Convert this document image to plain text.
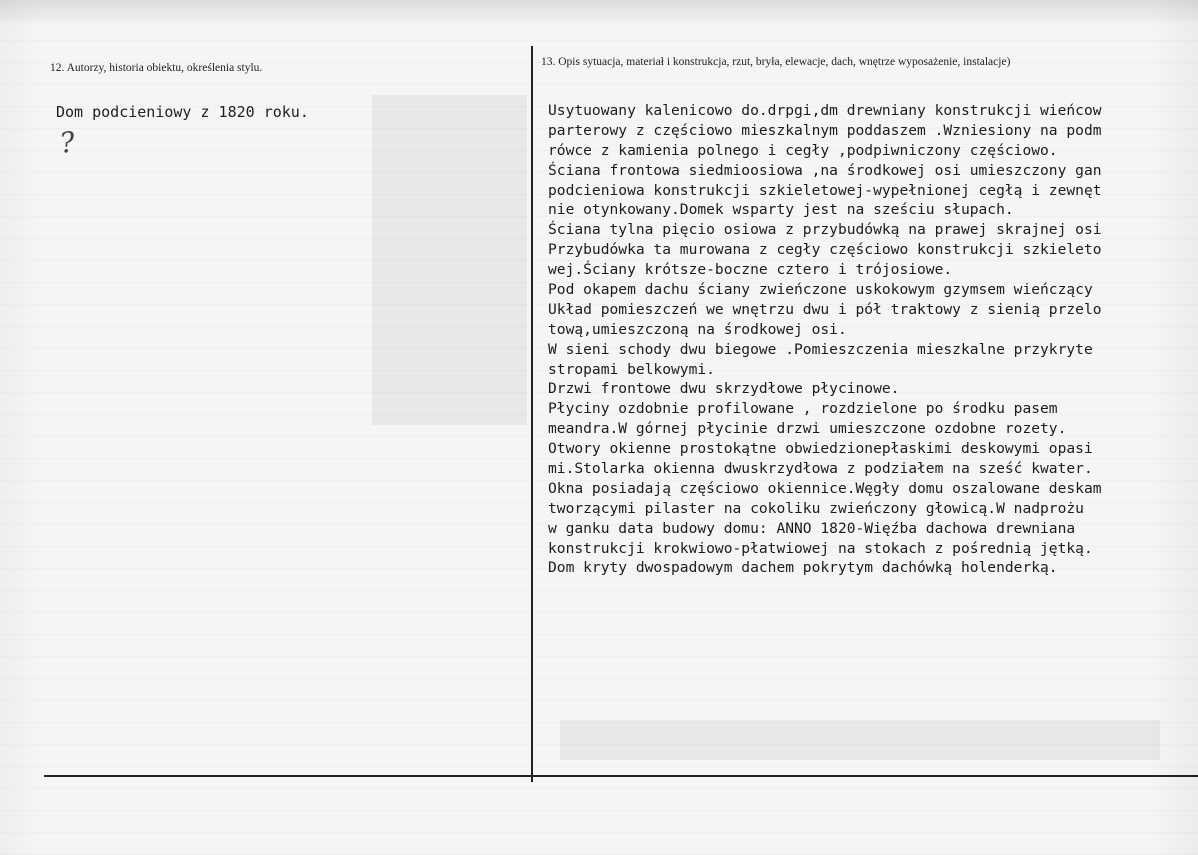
12. Autorzy, historia obiektu, określenia stylu.
Dom podcieniowy z 1820 roku.
?
13. Opis sytuacja, materiał i konstrukcja, rzut, bryła, elewacje, dach, wnętrze wyposażenie, instalacje)
Usytuowany kalenicowo do.drpgi,dm drewniany konstrukcji wieńcow
parterowy z częściowo mieszkalnym poddaszem .Wzniesiony na podm
rówce z kamienia polnego i cegły ,podpiwniczony częściowo.
Ściana frontowa siedmioosiowa ,na środkowej osi umieszczony gan
podcieniowa konstrukcji szkieletowej-wypełnionej cegłą i zewnęt
nie otynkowany.Domek wsparty jest na sześciu słupach.
Ściana tylna pięcio osiowa z przybudówką na prawej skrajnej osi
Przybudówka ta murowana z cegły częściowo konstrukcji szkieleto
wej.Ściany krótsze-boczne cztero i trójosiowe.
Pod okapem dachu ściany zwieńczone uskokowym gzymsem wieńczący
Układ pomieszczeń we wnętrzu dwu i pół traktowy z sienią przelo
tową,umieszczoną na środkowej osi.
W sieni schody dwu biegowe .Pomieszczenia mieszkalne przykryte
stropami belkowymi.
Drzwi frontowe dwu skrzydłowe płycinowe.
Płyciny ozdobnie profilowane , rozdzielone po środku pasem
meandra.W górnej płycinie drzwi umieszczone ozdobne rozety.
Otwory okienne prostokątne obwiedzionepłaskimi deskowymi opasi
mi.Stolarka okienna dwuskrzydłowa z podziałem na sześć kwater.
Okna posiadają częściowo okiennice.Węgły domu oszalowane deskam
tworzącymi pilaster na cokoliku zwieńczony głowicą.W nadprożu
w ganku data budowy domu: ANNO 1820-Więźba dachowa drewniana
konstrukcji krokwiowo-płatwiowej na stokach z pośrednią jętką.
Dom kryty dwospadowym dachem pokrytym dachówką holenderką.
